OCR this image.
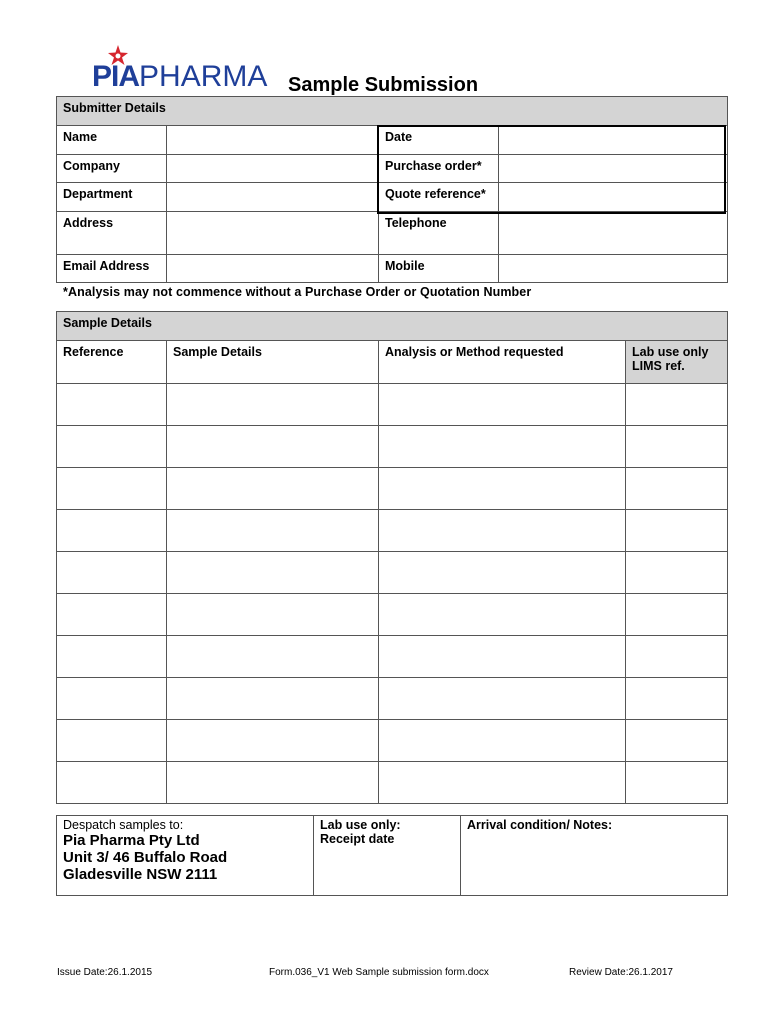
PIAPHARMA Sample Submission
Submitter Details			
Name		Date	
Company		Purchase order*	
Department		Quote reference*	
Address		Telephone	
Email Address		Mobile	
*Analysis may not commence without a Purchase Order or Quotation Number
Sample Details			
Reference	Sample Details	Analysis or Method requested	Lab use only LIMS ref.

Despatch samples to:
Pia Pharma Pty Ltd
Unit 3/ 46 Buffalo Road
Gladesville NSW 2111

Lab use only:
Receipt date

Arrival condition/ Notes:
Issue Date:26.1.2015	Form.036_V1 Web Sample submission form.docx	Review Date:26.1.2017
